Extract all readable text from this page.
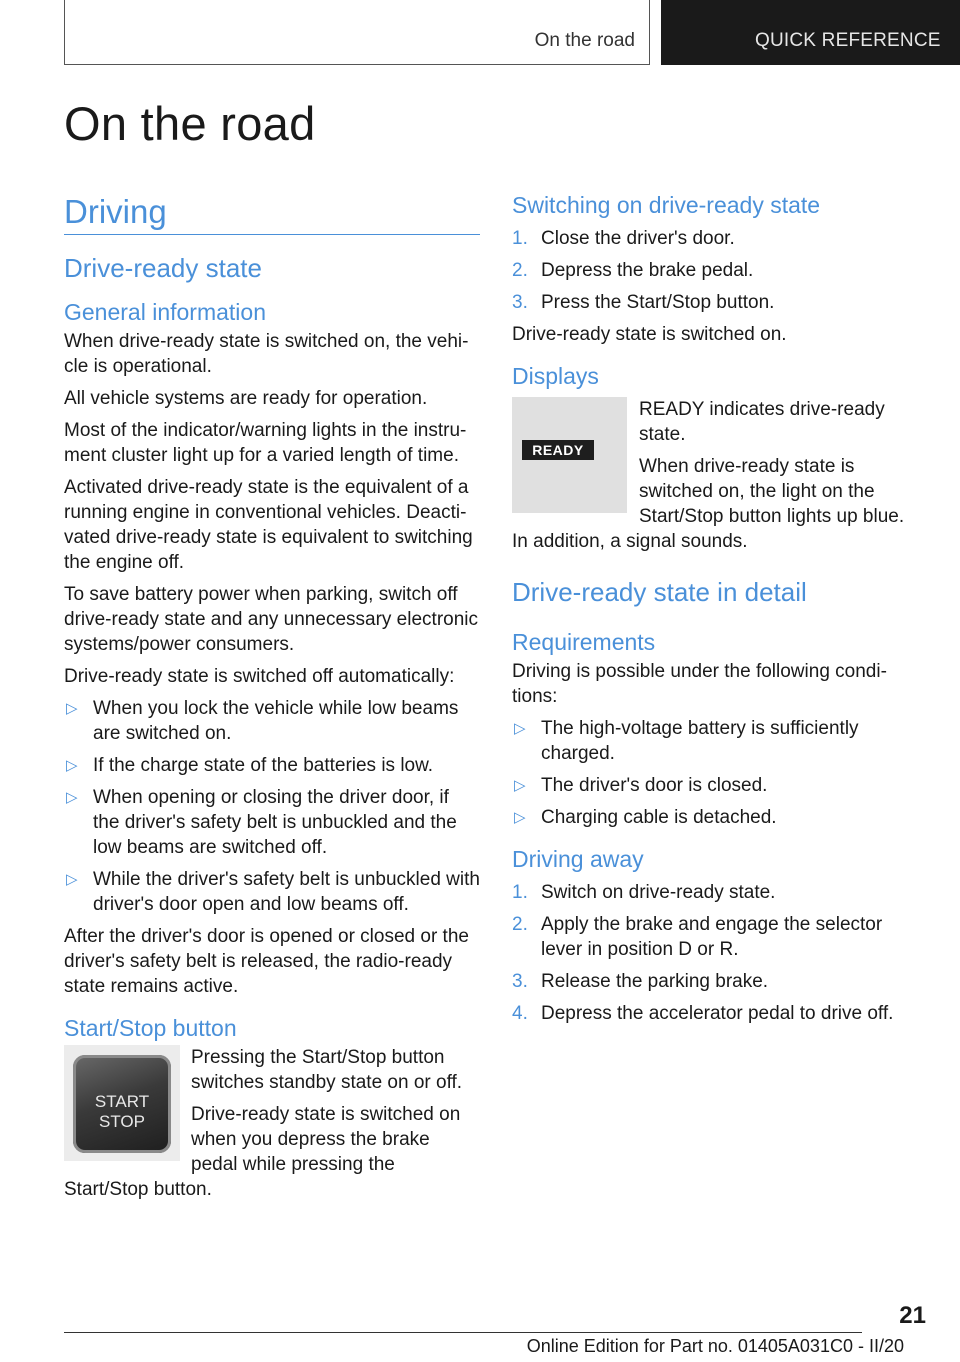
On the road	QUICK REFERENCE
On the road
Driving
Drive-ready state
General information

When drive-ready state is switched on, the vehi-cle is operational.

All vehicle systems are ready for operation.

Most of the indicator/warning lights in the instru-ment cluster light up for a varied length of time.

Activated drive-ready state is the equivalent of a running engine in conventional vehicles. Deacti-vated drive-ready state is equivalent to switching the engine off.

To save battery power when parking, switch off drive-ready state and any unnecessary electronic systems/power consumers.

Drive-ready state is switched off automatically:

▷ When you lock the vehicle while low beams are switched on.
▷ If the charge state of the batteries is low.
▷ When opening or closing the driver door, if the driver's safety belt is unbuckled and the low beams are switched off.
▷ While the driver's safety belt is unbuckled with driver's door open and low beams off.

After the driver's door is opened or closed or the driver's safety belt is released, the radio-ready state remains active.

Start/Stop button
START
STOP

Pressing the Start/Stop button switches standby state on or off.

Drive-ready state is switched on when you depress the brake pedal while pressing the Start/Stop button.

Switching on drive-ready state
1. Close the driver's door.
2. Depress the brake pedal.
3. Press the Start/Stop button.

Drive-ready state is switched on.

Displays
READY

READY indicates drive-ready state.

When drive-ready state is switched on, the light on the Start/Stop button lights up blue. In addition, a signal sounds.

Drive-ready state in detail
Requirements

Driving is possible under the following condi-tions:

▷ The high-voltage battery is sufficiently charged.
▷ The driver's door is closed.
▷ Charging cable is detached.
Driving away
1. Switch on drive-ready state.
2. Apply the brake and engage the selector lever in position D or R.
3. Release the parking brake.
4. Depress the accelerator pedal to drive off.
21
Online Edition for Part no. 01405A031C0 - II/20
